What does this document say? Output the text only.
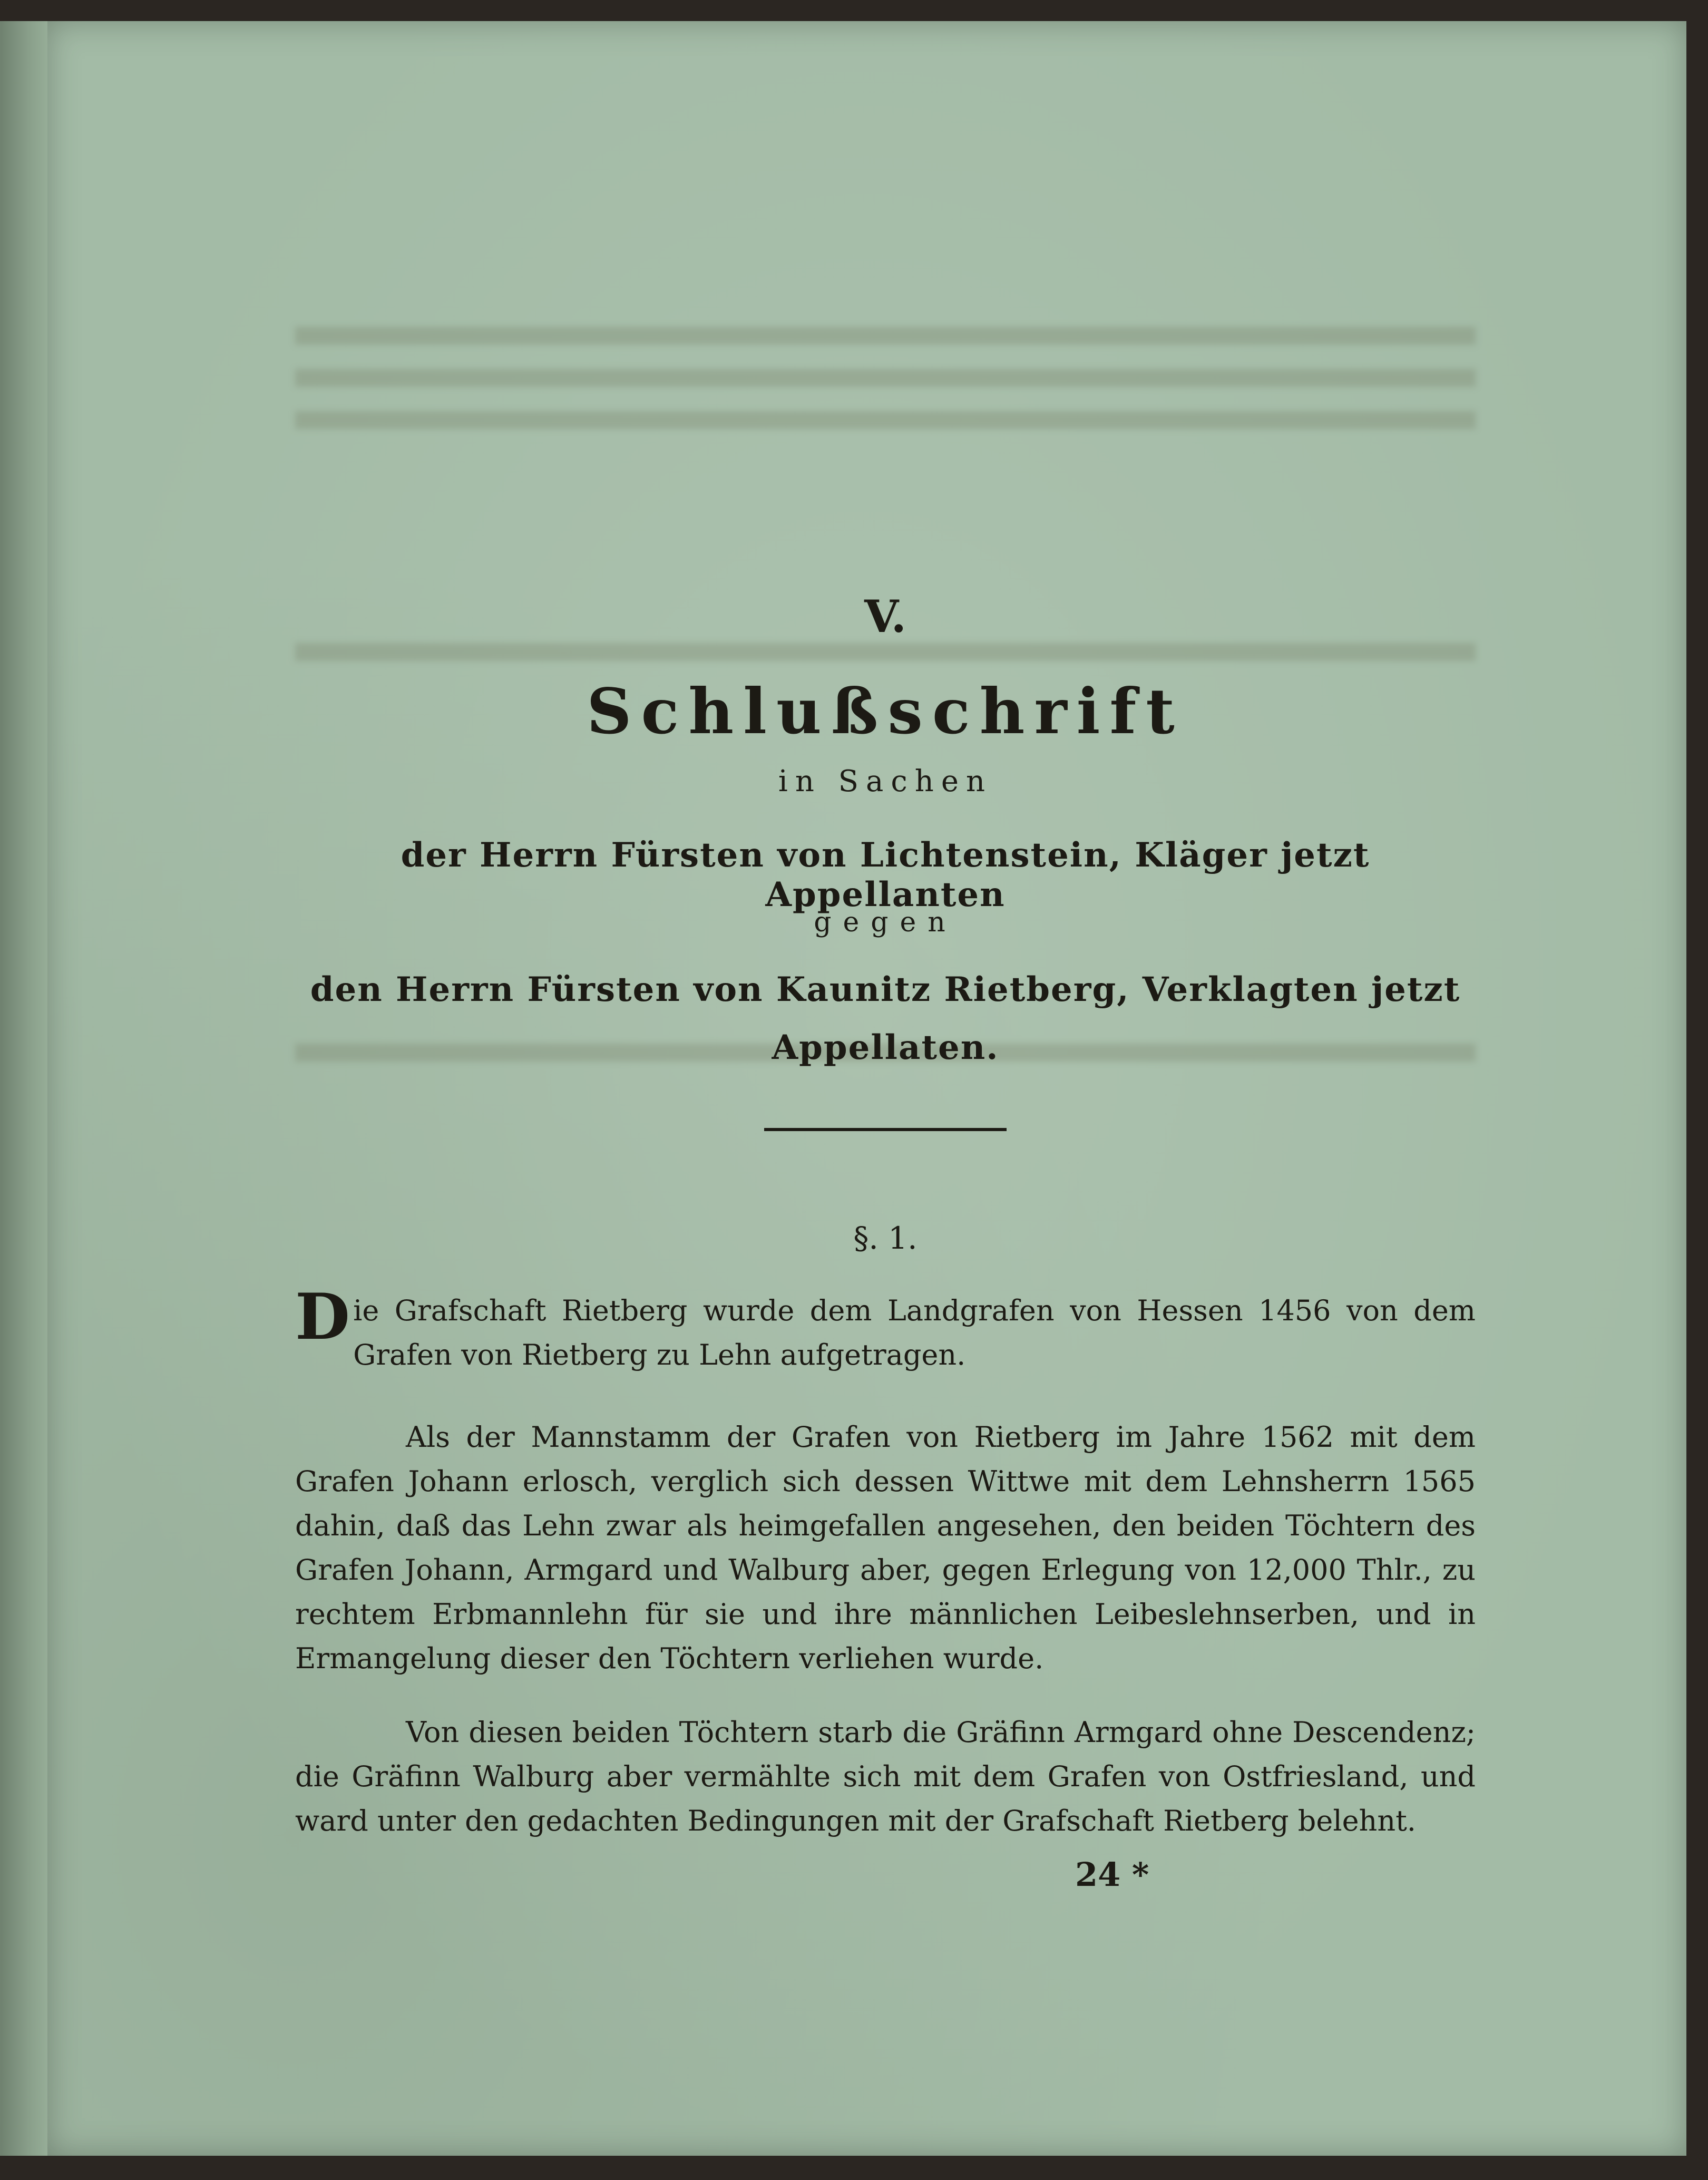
V.
Schlußschrift
in Sachen
der Herrn Fürsten von Lichtenstein, Kläger jetzt Appellanten
gegen
den Herrn Fürsten von Kaunitz Rietberg, Verklagten jetzt
Appellaten.
§. 1.
Die Grafschaft Rietberg wurde dem Landgrafen von Hessen 1456 von dem Grafen von Rietberg zu Lehn aufgetragen.
Als der Mannstamm der Grafen von Rietberg im Jahre 1562 mit dem Grafen Johann erlosch, verglich sich dessen Wittwe mit dem Lehnsherrn 1565 dahin, daß das Lehn zwar als heimgefallen angesehen, den beiden Töchtern des Grafen Johann, Armgard und Walburg aber, gegen Erlegung von 12,000 Thlr., zu rechtem Erbmannlehn für sie und ihre männlichen Leibeslehnserben, und in Ermangelung dieser den Töchtern verliehen wurde.
Von diesen beiden Töchtern starb die Gräfinn Armgard ohne Descendenz; die Gräfinn Walburg aber vermählte sich mit dem Grafen von Ostfriesland, und ward unter den gedachten Bedingungen mit der Grafschaft Rietberg belehnt.
24 *
